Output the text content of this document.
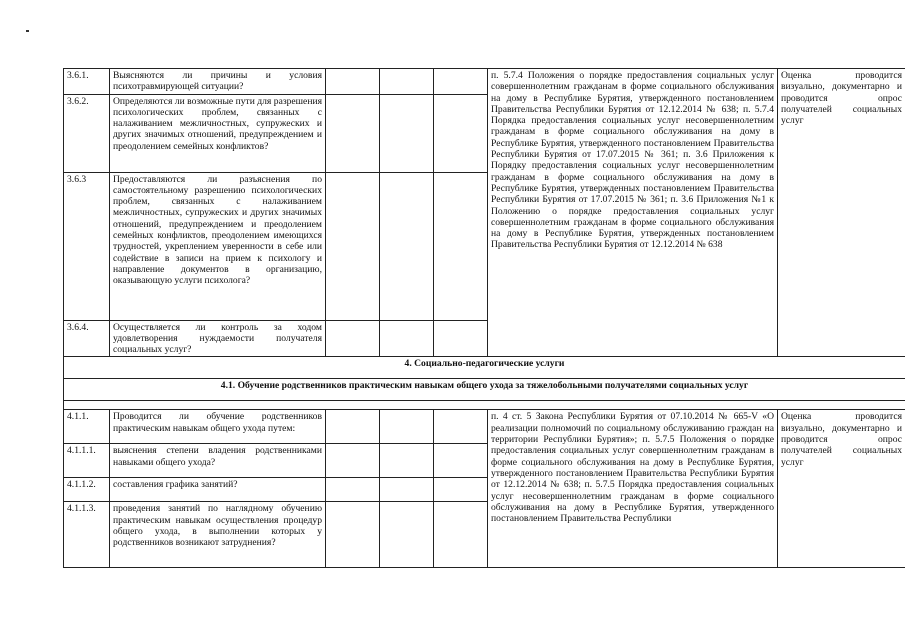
3.6.1.	Выясняются ли причины и условия психотравмирующей ситуации?				п. 5.7.4 Положения о порядке предоставления социальных услуг совершеннолетним гражданам в форме социального обслуживания на дому в Республике Бурятия, утвержденного постановлением Правительства Республики Бурятия от 12.12.2014 № 638; п. 5.7.4 Порядка предоставления социальных услуг несовершеннолетним гражданам в форме социального обслуживания на дому в Республике Бурятия, утвержденного постановлением Правительства Республики Бурятия от 17.07.2015 № 361; п. 3.6 Приложения к Порядку предоставления социальных услуг несовершеннолетним гражданам в форме социального обслуживания на дому в Республике Бурятия, утвержденных постановлением Правительства Республики Бурятия от 17.07.2015 № 361; п. 3.6 Приложения №1 к Положению о порядке предоставления социальных услуг совершеннолетним гражданам в форме социального обслуживания на дому в Республике Бурятия, утвержденных постановлением Правительства Республики Бурятия от 12.12.2014 № 638	Оценка проводится визуально, документарно и проводится опрос получателей социальных услуг
3.6.2.	Определяются ли возможные пути для разрешения психологических проблем, связанных с налаживанием межличностных, супружеских и других значимых отношений, предупреждением и преодолением семейных конфликтов?					
3.6.3	Предоставляются ли разъяснения по самостоятельному разрешению психологических проблем, связанных с налаживанием межличностных, супружеских и других значимых отношений, предупреждением и преодолением семейных конфликтов, преодолением имеющихся трудностей, укреплением уверенности в себе или содействие в записи на прием к психологу и направление документов в организацию, оказывающую услуги психолога?					
3.6.4.	Осуществляется ли контроль за ходом удовлетворения нуждаемости получателя социальных услуг?					
4. Социально-педагогические услуги						
4.1. Обучение родственников практическим навыкам общего ухода за тяжелобольными получателями социальных услуг						

4.1.1.	Проводится ли обучение родственников практическим навыкам общего ухода путем:				п. 4 ст. 5 Закона Республики Бурятия от 07.10.2014 № 665-V «О реализации полномочий по социальному обслуживанию граждан на территории Республики Бурятия»; п. 5.7.5 Положения о порядке предоставления социальных услуг совершеннолетним гражданам в форме социального обслуживания на дому в Республике Бурятия, утвержденного постановлением Правительства Республики Бурятия от 12.12.2014 № 638; п. 5.7.5 Порядка предоставления социальных услуг несовершеннолетним гражданам в форме социального обслуживания на дому в Республике Бурятия, утвержденного постановлением Правительства Республики	Оценка проводится визуально, документарно и проводится опрос получателей социальных услуг
4.1.1.1.	выяснения степени владения родственниками навыками общего ухода?					
4.1.1.2.	составления графика занятий?					
4.1.1.3.	проведения занятий по наглядному обучению практическим навыкам осуществления процедур общего ухода, в выполнении которых у родственников возникают затруднения?					
